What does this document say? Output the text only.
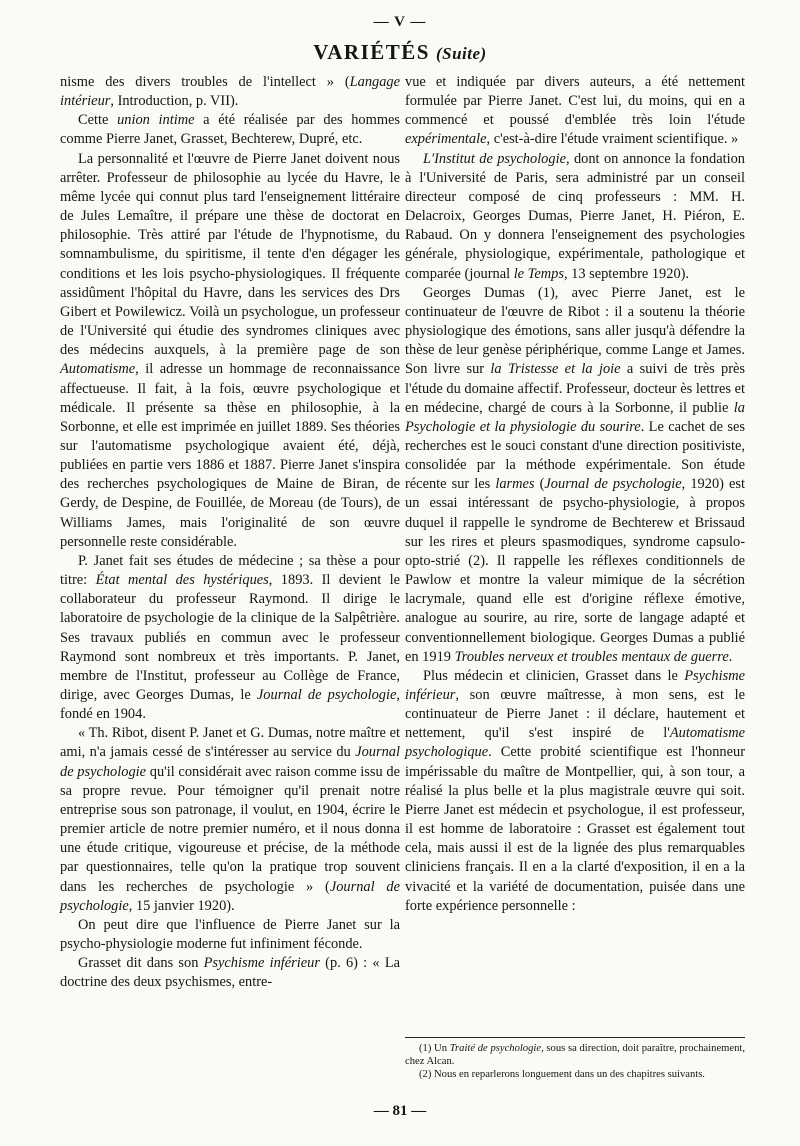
— V —
VARIÉTÉS (Suite)

nisme des divers troubles de l'intellect » (Langage intérieur, Introduction, p. VII).

Cette union intime a été réalisée par des hommes comme Pierre Janet, Grasset, Bechterew, Dupré, etc.

La personnalité et l'œuvre de Pierre Janet doivent nous arrêter. Professeur de philosophie au lycée du Havre, le même lycée qui connut plus tard l'enseignement littéraire de Jules Lemaître, il prépare une thèse de doctorat en philosophie. Très attiré par l'étude de l'hypnotisme, du somnambulisme, du spiritisme, il tente d'en dégager les conditions et les lois psycho-physiologiques. Il fréquente assidûment l'hôpital du Havre, dans les services des Drs Gibert et Powilewicz. Voilà un psychologue, un professeur de l'Université qui étudie des syndromes cliniques avec des médecins auxquels, à la première page de son Automatisme, il adresse un hommage de reconnaissance affectueuse. Il fait, à la fois, œuvre psychologique et médicale. Il présente sa thèse en philosophie, à la Sorbonne, et elle est imprimée en juillet 1889. Ses théories sur l'automatisme psychologique avaient été, déjà, publiées en partie vers 1886 et 1887. Pierre Janet s'inspira des recherches psychologiques de Maine de Biran, de Gerdy, de Despine, de Fouillée, de Moreau (de Tours), de Williams James, mais l'originalité de son œuvre personnelle reste considérable.

P. Janet fait ses études de médecine ; sa thèse a pour titre: État mental des hystériques, 1893. Il devient le collaborateur du professeur Raymond. Il dirige le laboratoire de psychologie de la clinique de la Salpêtrière. Ses travaux publiés en commun avec le professeur Raymond sont nombreux et très importants. P. Janet, membre de l'Institut, professeur au Collège de France, dirige, avec Georges Dumas, le Journal de psychologie, fondé en 1904.

« Th. Ribot, disent P. Janet et G. Dumas, notre maître et ami, n'a jamais cessé de s'intéresser au service du Journal de psychologie qu'il considérait avec raison comme issu de sa propre revue. Pour témoigner qu'il prenait notre entreprise sous son patronage, il voulut, en 1904, écrire le premier article de notre premier numéro, et il nous donna une étude critique, vigoureuse et précise, de la méthode par questionnaires, telle qu'on la pratique trop souvent dans les recherches de psychologie » (Journal de psychologie, 15 janvier 1920).

On peut dire que l'influence de Pierre Janet sur la psycho-physiologie moderne fut infiniment féconde.

Grasset dit dans son Psychisme inférieur (p. 6) : « La doctrine des deux psychismes, entre-

vue et indiquée par divers auteurs, a été nettement formulée par Pierre Janet. C'est lui, du moins, qui en a commencé et poussé d'emblée très loin l'étude expérimentale, c'est-à-dire l'étude vraiment scientifique. »

L'Institut de psychologie, dont on annonce la fondation à l'Université de Paris, sera administré par un conseil directeur composé de cinq professeurs : MM. H. Delacroix, Georges Dumas, Pierre Janet, H. Piéron, E. Rabaud. On y donnera l'enseignement des psychologies générale, physiologique, expérimentale, pathologique et comparée (journal le Temps, 13 septembre 1920).

Georges Dumas (1), avec Pierre Janet, est le continuateur de l'œuvre de Ribot : il a soutenu la théorie physiologique des émotions, sans aller jusqu'à défendre la thèse de leur genèse périphérique, comme Lange et James. Son livre sur la Tristesse et la joie a suivi de très près l'étude du domaine affectif. Professeur, docteur ès lettres et en médecine, chargé de cours à la Sorbonne, il publie la Psychologie et la physiologie du sourire. Le cachet de ses recherches est le souci constant d'une direction positiviste, consolidée par la méthode expérimentale. Son étude récente sur les larmes (Journal de psychologie, 1920) est un essai intéressant de psycho-physiologie, à propos duquel il rappelle le syndrome de Bechterew et Brissaud sur les rires et pleurs spasmodiques, syndrome capsulo-opto-strié (2). Il rappelle les réflexes conditionnels de Pawlow et montre la valeur mimique de la sécrétion lacrymale, quand elle est d'origine réflexe émotive, analogue au sourire, au rire, sorte de langage adapté et conventionnellement biologique. Georges Dumas a publié en 1919 Troubles nerveux et troubles mentaux de guerre.

Plus médecin et clinicien, Grasset dans le Psychisme inférieur, son œuvre maîtresse, à mon sens, est le continuateur de Pierre Janet : il déclare, hautement et nettement, qu'il s'est inspiré de l'Automatisme psychologique. Cette probité scientifique est l'honneur impérissable du maître de Montpellier, qui, à son tour, a réalisé la plus belle et la plus magistrale œuvre qui soit. Pierre Janet est médecin et psychologue, il est professeur, il est homme de laboratoire : Grasset est également tout cela, mais aussi il est de la lignée des plus remarquables cliniciens français. Il en a la clarté d'exposition, il en a la vivacité et la variété de documentation, puisée dans une forte expérience personnelle :

(1) Un Traité de psychologie, sous sa direction, doit paraître, prochainement, chez Alcan.

(2) Nous en reparlerons longuement dans un des chapitres suivants.

— 81 —
